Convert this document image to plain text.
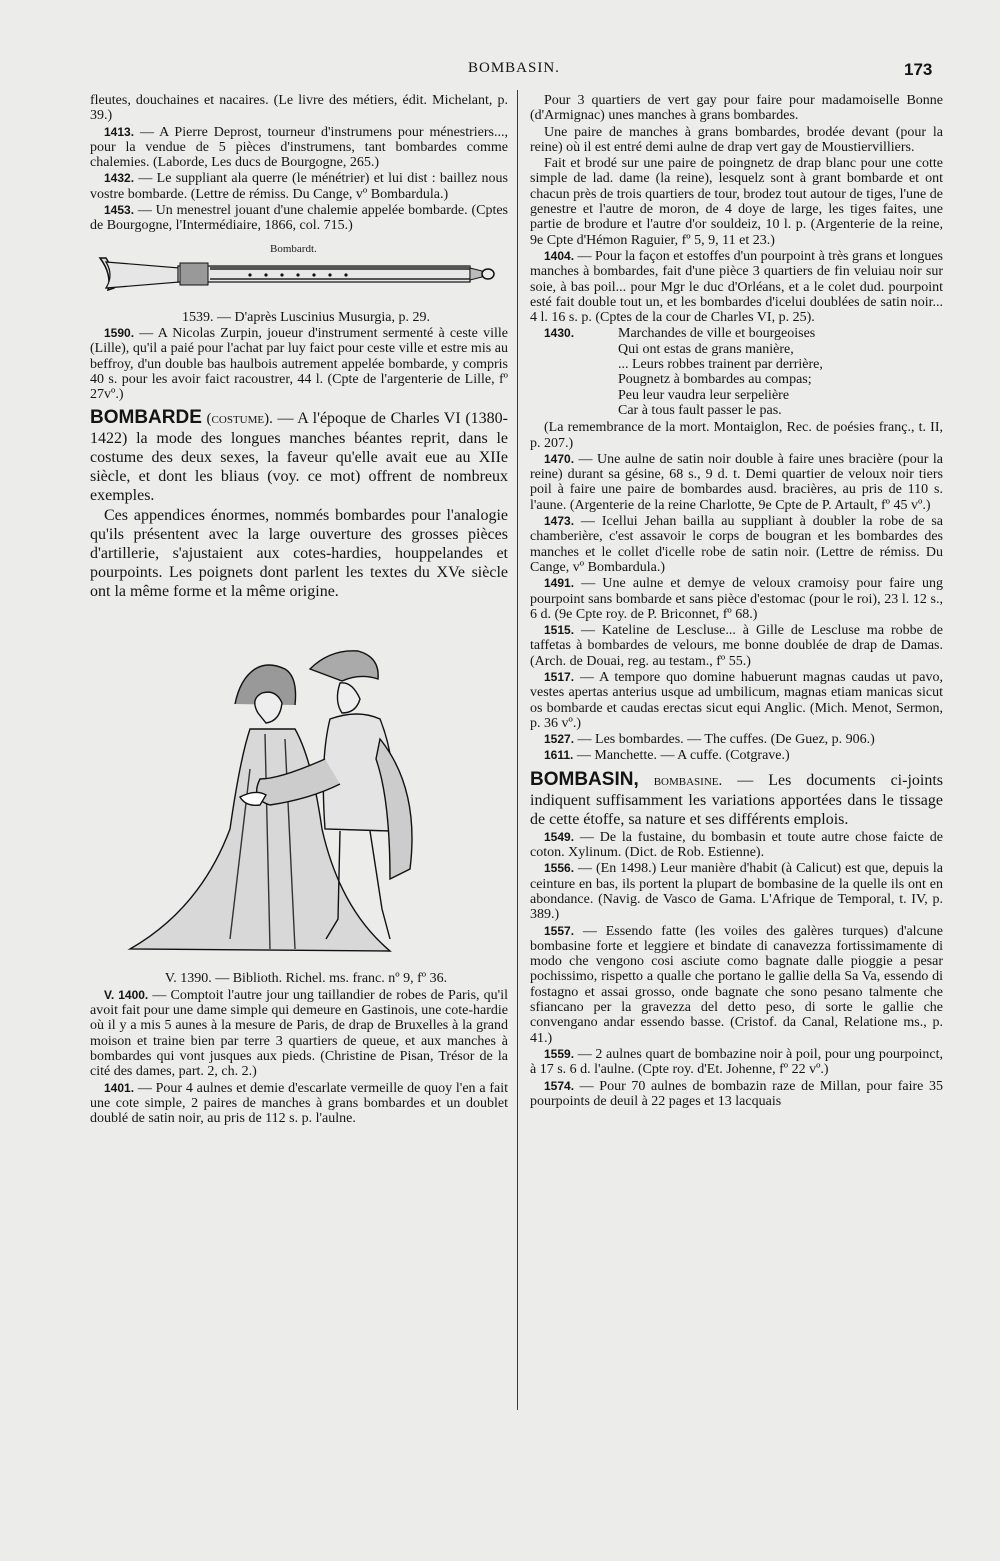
BOMBASIN.	173

fleutes, douchaines et nacaires. (Le livre des métiers, édit. Michelant, p. 39.)

1413. — A Pierre Deprost, tourneur d'instrumens pour ménestriers..., pour la vendue de 5 pièces d'instrumens, tant bombardes comme chalemies. (Laborde, Les ducs de Bourgogne, 265.)

1432. — Le suppliant ala querre (le ménétrier) et lui dist : baillez nous vostre bombarde. (Lettre de rémiss. Du Cange, vº Bombardula.)

1453. — Un menestrel jouant d'une chalemie appelée bombarde. (Cptes de Bourgogne, l'Intermédiaire, 1866, col. 715.)

Bombardt.

1539. — D'après Luscinius Musurgia, p. 29.

1590. — A Nicolas Zurpin, joueur d'instrument sermenté à ceste ville (Lille), qu'il a paié pour l'achat par luy faict pour ceste ville et estre mis au beffroy, d'un double bas haulbois autrement appelée bombarde, y compris 40 s. pour les avoir faict racoustrer, 44 l. (Cpte de l'argenterie de Lille, fº 27vº.)

BOMBARDE (costume). — A l'époque de Charles VI (1380-1422) la mode des longues manches béantes reprit, dans le costume des deux sexes, la faveur qu'elle avait eue au XIIe siècle, et dont les bliaus (voy. ce mot) offrent de nombreux exemples.

Ces appendices énormes, nommés bombardes pour l'analogie qu'ils présentent avec la large ouverture des grosses pièces d'artillerie, s'ajustaient aux cotes-hardies, houppelandes et pourpoints. Les poignets dont parlent les textes du XVe siècle ont la même forme et la même origine.

V. 1390. — Biblioth. Richel. ms. franc. nº 9, fº 36.

V. 1400. — Comptoit l'autre jour ung taillandier de robes de Paris, qu'il avoit fait pour une dame simple qui demeure en Gastinois, une cote-hardie où il y a mis 5 aunes à la mesure de Paris, de drap de Bruxelles à la grand moison et traine bien par terre 3 quartiers de queue, et aux manches à bombardes qui vont jusques aux pieds. (Christine de Pisan, Trésor de la cité des dames, part. 2, ch. 2.)

1401. — Pour 4 aulnes et demie d'escarlate vermeille de quoy l'en a fait une cote simple, 2 paires de manches à grans bombardes et un doublet doublé de satin noir, au pris de 112 s. p. l'aulne.

Pour 3 quartiers de vert gay pour faire pour madamoiselle Bonne (d'Armignac) unes manches à grans bombardes.

Une paire de manches à grans bombardes, brodée devant (pour la reine) où il est entré demi aulne de drap vert gay de Moustiervilliers.

Fait et brodé sur une paire de poingnetz de drap blanc pour une cotte simple de lad. dame (la reine), lesquelz sont à grant bombarde et ont chacun près de trois quartiers de tour, brodez tout autour de tiges, l'une de genestre et l'autre de moron, de 4 doye de large, les tiges faites, une partie de brodure et l'autre d'or souldeiz, 10 l. p. (Argenterie de la reine, 9e Cpte d'Hémon Raguier, fº 5, 9, 11 et 23.)

1404. — Pour la façon et estoffes d'un pourpoint à très grans et longues manches à bombardes, fait d'une pièce 3 quartiers de fin veluiau noir sur soie, à bas poil... pour Mgr le duc d'Orléans, et a le colet dud. pourpoint esté fait double tout un, et les bombardes d'icelui doublées de satin noir... 4 l. 16 s. p. (Cptes de la cour de Charles VI, p. 25).

1430.	Marchandes de ville et bourgeoises
Qui ont estas de grans manière,
... Leurs robbes trainent par derrière,
Pougnetz à bombardes au compas;
Peu leur vaudra leur serpelière
Car à tous fault passer le pas.

(La remembrance de la mort. Montaiglon, Rec. de poésies franç., t. II, p. 207.)

1470. — Une aulne de satin noir double à faire unes bracière (pour la reine) durant sa gésine, 68 s., 9 d. t. Demi quartier de veloux noir tiers poil à faire une paire de bombardes ausd. bracières, au pris de 110 s. l'aune. (Argenterie de la reine Charlotte, 9e Cpte de P. Artault, fº 45 vº.)

1473. — Icellui Jehan bailla au suppliant à doubler la robe de sa chamberière, c'est assavoir le corps de bougran et les bombardes des manches et le collet d'icelle robe de satin noir. (Lettre de rémiss. Du Cange, vº Bombardula.)

1491. — Une aulne et demye de veloux cramoisy pour faire ung pourpoint sans bombarde et sans pièce d'estomac (pour le roi), 23 l. 12 s., 6 d. (9e Cpte roy. de P. Briconnet, fº 68.)

1515. — Kateline de Lescluse... à Gille de Lescluse ma robbe de taffetas à bombardes de velours, me bonne doublée de drap de Damas. (Arch. de Douai, reg. au testam., fº 55.)

1517. — A tempore quo domine habuerunt magnas caudas ut pavo, vestes apertas anterius usque ad umbilicum, magnas etiam manicas sicut os bombarde et caudas erectas sicut equi Anglic. (Mich. Menot, Sermon, p. 36 vº.)

1527. — Les bombardes. — The cuffes. (De Guez, p. 906.)

1611. — Manchette. — A cuffe. (Cotgrave.)

BOMBASIN, bombasine. — Les documents ci-joints indiquent suffisamment les variations apportées dans le tissage de cette étoffe, sa nature et ses différents emplois.

1549. — De la fustaine, du bombasin et toute autre chose faicte de coton. Xylinum. (Dict. de Rob. Estienne).

1556. — (En 1498.) Leur manière d'habit (à Calicut) est que, depuis la ceinture en bas, ils portent la plupart de bombasine de la quelle ils ont en abondance. (Navig. de Vasco de Gama. L'Afrique de Temporal, t. IV, p. 389.)

1557. — Essendo fatte (les voiles des galères turques) d'alcune bombasine forte et leggiere et bindate di canavezza fortissimamente di modo che vengono cosi asciute como bagnate dalle pioggie a pesar pochissimo, rispetto a qualle che portano le gallie della Sa Va, essendo di fostagno et assai grosso, onde bagnate che sono pesano talmente che sfiancano per la gravezza del detto peso, di sorte le gallie che convengano andar essendo basse. (Cristof. da Canal, Relatione ms., p. 41.)

1559. — 2 aulnes quart de bombazine noir à poil, pour ung pourpoinct, à 17 s. 6 d. l'aulne. (Cpte roy. d'Et. Johenne, fº 22 vº.)

1574. — Pour 70 aulnes de bombazin raze de Millan, pour faire 35 pourpoints de deuil à 22 pages et 13 lacquais
